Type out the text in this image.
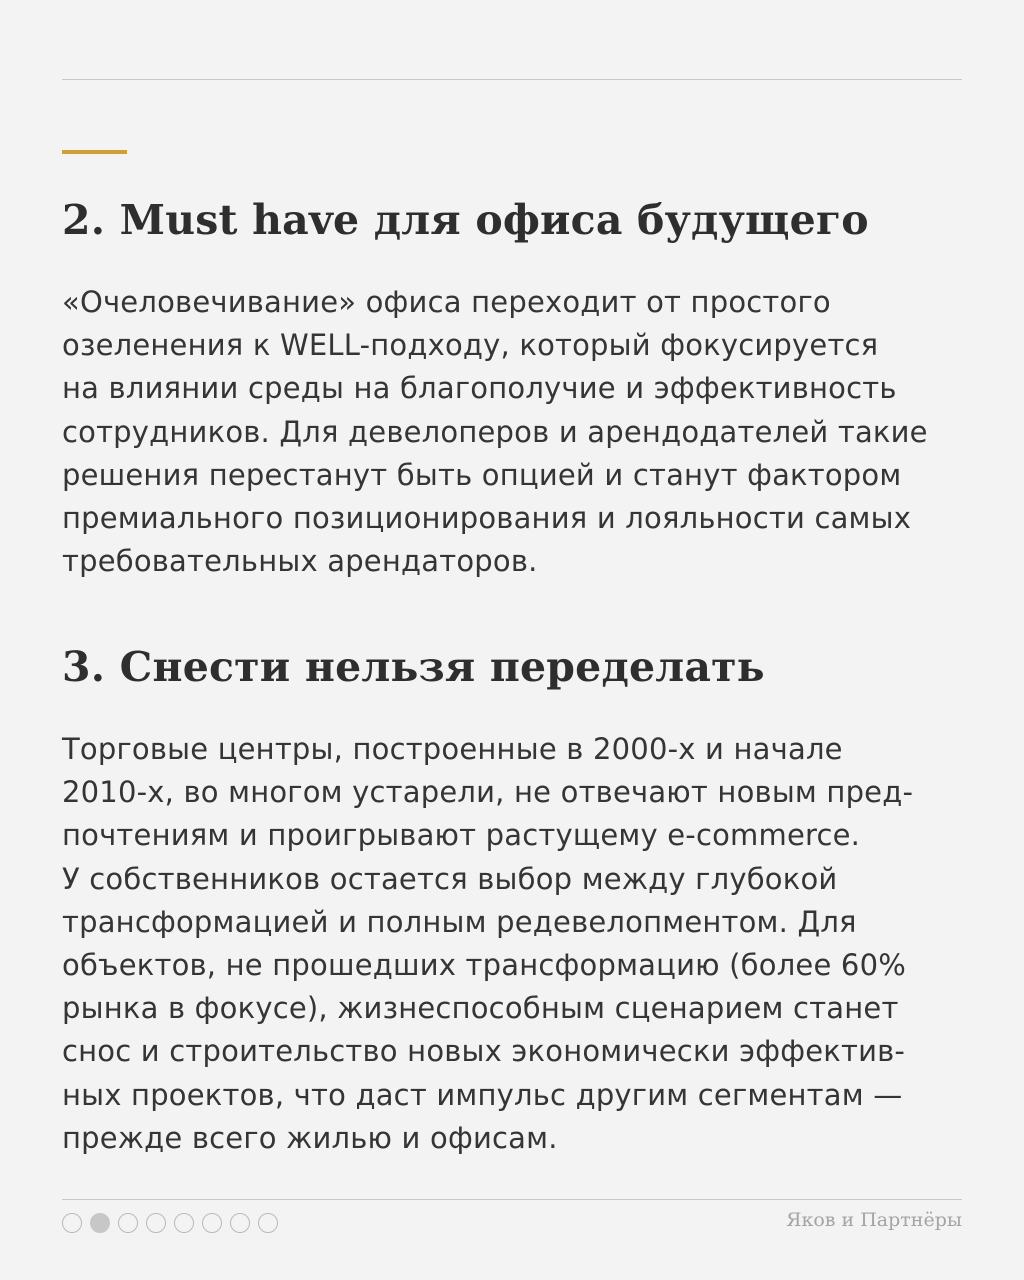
2. Must have для офиса будущего
«Очеловечивание» офиса переходит от простого
озеленения к WELL-подходу, который фокусируется
на влиянии среды на благополучие и эффективность
сотрудников. Для девелоперов и арендодателей такие
решения перестанут быть опцией и станут фактором
премиального позиционирования и лояльности самых
требовательных арендаторов.
3. Снести нельзя переделать
Торговые центры, построенные в 2000-х и начале
2010-х, во многом устарели, не отвечают новым пред-
почтениям и проигрывают растущему e-commerce.
У собственников остается выбор между глубокой
трансформацией и полным редевелопментом. Для
объектов, не прошедших трансформацию (более 60%
рынка в фокусе), жизнеспособным сценарием станет
снос и строительство новых экономически эффектив-
ных проектов, что даст импульс другим сегментам —
прежде всего жилью и офисам.
Яков и Партнёры
